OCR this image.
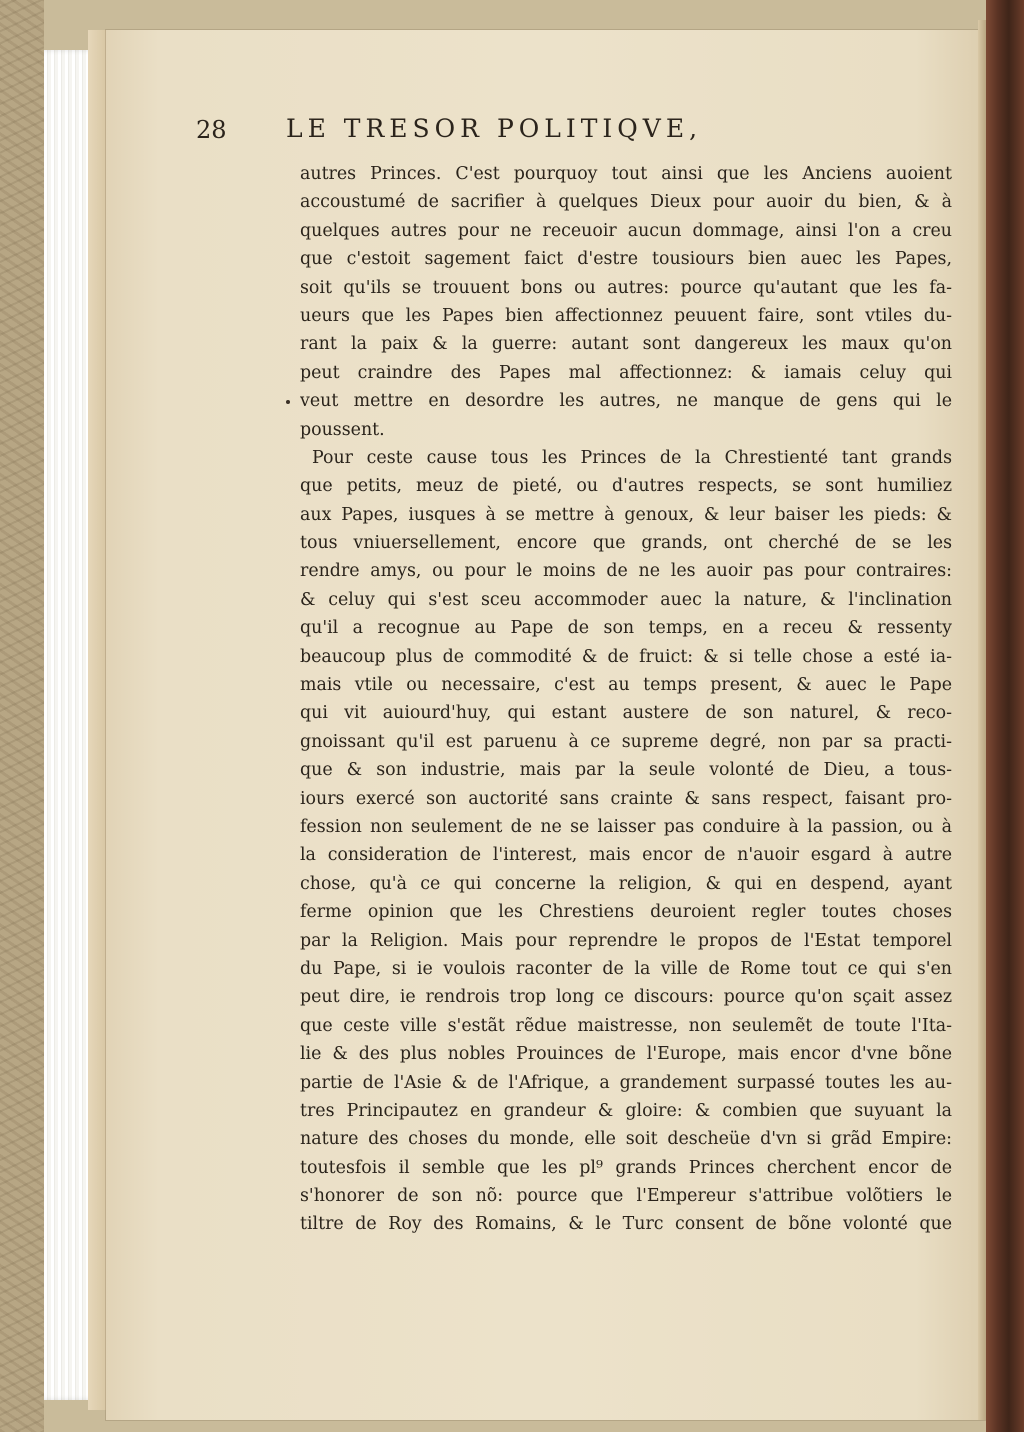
28 LE TRESOR POLITIQVE,
autres Princes. C'est pourquoy tout ainsi que les Anciens auoient
accoustumé de sacrifier à quelques Dieux pour auoir du bien, & à
quelques autres pour ne receuoir aucun dommage, ainsi l'on a creu
que c'estoit sagement faict d'estre tousiours bien auec les Papes,
soit qu'ils se trouuent bons ou autres: pource qu'autant que les fa-
ueurs que les Papes bien affectionnez peuuent faire, sont vtiles du-
rant la paix & la guerre: autant sont dangereux les maux qu'on
peut craindre des Papes mal affectionnez: & iamais celuy qui
veut mettre en desordre les autres, ne manque de gens qui le
poussent.
Pour ceste cause tous les Princes de la Chrestienté tant grands
que petits, meuz de pieté, ou d'autres respects, se sont humiliez
aux Papes, iusques à se mettre à genoux, & leur baiser les pieds: &
tous vniuersellement, encore que grands, ont cherché de se les
rendre amys, ou pour le moins de ne les auoir pas pour contraires:
& celuy qui s'est sceu accommoder auec la nature, & l'inclination
qu'il a recognue au Pape de son temps, en a receu & ressenty
beaucoup plus de commodité & de fruict: & si telle chose a esté ia-
mais vtile ou necessaire, c'est au temps present, & auec le Pape
qui vit auiourd'huy, qui estant austere de son naturel, & reco-
gnoissant qu'il est paruenu à ce supreme degré, non par sa practi-
que & son industrie, mais par la seule volonté de Dieu, a tous-
iours exercé son auctorité sans crainte & sans respect, faisant pro-
fession non seulement de ne se laisser pas conduire à la passion, ou à
la consideration de l'interest, mais encor de n'auoir esgard à autre
chose, qu'à ce qui concerne la religion, & qui en despend, ayant
ferme opinion que les Chrestiens deuroient regler toutes choses
par la Religion. Mais pour reprendre le propos de l'Estat temporel
du Pape, si ie voulois raconter de la ville de Rome tout ce qui s'en
peut dire, ie rendrois trop long ce discours: pource qu'on sçait assez
que ceste ville s'estãt rẽdue maistresse, non seulemẽt de toute l'Ita-
lie & des plus nobles Prouinces de l'Europe, mais encor d'vne bõne
partie de l'Asie & de l'Afrique, a grandement surpassé toutes les au-
tres Principautez en grandeur & gloire: & combien que suyuant la
nature des choses du monde, elle soit descheüe d'vn si grãd Empire:
toutesfois il semble que les pl⁹ grands Princes cherchent encor de
s'honorer de son nõ: pource que l'Empereur s'attribue volõtiers le
tiltre de Roy des Romains, & le Turc consent de bõne volonté que
